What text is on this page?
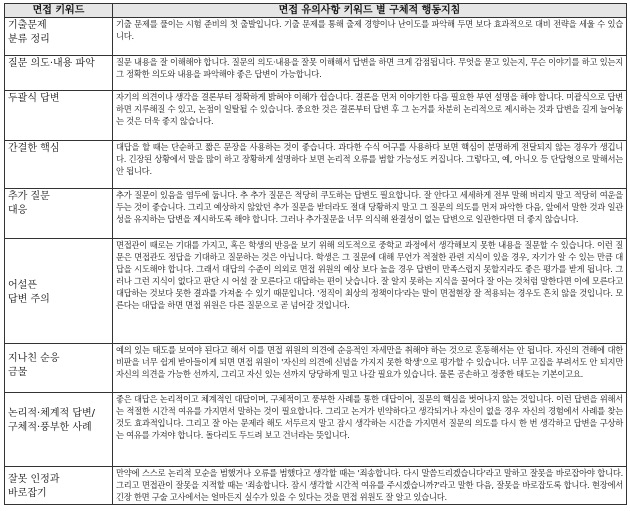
면접 키워드	면접 유의사항 키워드 별 구체적 행동지침
기출문제
분류 정리	기출 문제를 풀이는 시험 준비의 첫 출발입니다. 기출 문제를 통해 출제 경향이나 난이도를 파악해 두면 보다 효과적으로 대비 전략을 세울 수 있습니다.
질문 의도·내용 파악	질문 내용을 잘 이해해야 합니다. 질문의 의도·내용을 잘못 이해해서 답변을 하면 크게 감점됩니다. 무엇을 묻고 있는지, 무슨 이야기를 하고 있는지 그 정확한 의도와 내용을 파악해야 좋은 답변이 가능합니다.
두괄식 답변	자기의 의견이나 생각을 결론부터 정확하게 밝혀야 이해가 쉽습니다. 결론을 먼저 이야기한 다음 필요한 부연 설명을 해야 합니다. 미괄식으로 답변하면 지루해질 수 있고, 논점이 일탈될 수 있습니다. 중요한 것은 결론부터 답변 후 그 논거를 차분히 논리적으로 제시하는 것과 답변을 길게 늘어놓는 것은 더욱 좋지 않습니다.
간결한 핵심	대답을 할 때는 단순하고 짧은 문장을 사용하는 것이 좋습니다. 과다한 수식 어구를 사용하다 보면 핵심이 분명하게 전달되지 않는 경우가 생깁니다. 긴장된 상황에서 말을 많이 하고 장황하게 설명하다 보면 논리적 오류를 범할 가능성도 커집니다. 그렇다고, 예, 아니오 등 단답형으로 말해서는 안 됩니다.
추가 질문
대응	추가 질문이 있음을 염두에 둡니다. 추 추가 질문은 적당히 쿠도하는 답변도 필요합니다. 잘 안다고 세세하게 전부 말해 버리지 말고 적당히 여운을 두는 것이 좋습니다. 그리고 예상하지 않았던 추가 질문을 받더라도 절대 당황하지 말고 그 질문의 의도를 먼저 파악한 다음, 앞에서 말한 것과 일관성을 유지하는 답변을 제시하도록 해야 합니다. 그러나 추가질문을 너무 의식해 완결성이 없는 답변으로 일관한다면 더 좋지 않습니다.
어설픈
답변 주의	면접관이 때로는 기대를 가지고, 혹은 학생의 반응을 보기 위해 의도적으로 중학교 과정에서 생각해보지 못한 내용을 질문할 수 있습니다. 이런 질문은 면접관도 정답을 기대하고 질문하는 것은 아닙니다. 학생은 그 질문에 대해 무언가 적절한 관련 지식이 있을 경우, 자기가 알 수 있는 만큼 대답을 시도해야 합니다. 그래서 대답의 수준이 의외로 면접 위원의 예상 보다 높을 경우 답변이 만족스럽지 못할지라도 좋은 평가를 받게 됩니다. 그러나 그런 지식이 없다고 판단 시 어설 잘 모른다고 대답하는 편이 낫습니다. 잘 알지 못하는 지식을 꿀어다 잘 아는 것처럼 말한다면 이에 모른다고 대답하는 것보다 못한 결과를 가져올 수 있기 때문입니다. '정직이 최상의 정책이다'라는 말이 면접현장 잘 적용되는 경우도 흔치 않을 것입니다. 모른다는 대답을 하면 면접 위원은 다른 질문으로 곧 넘어갈 것입니다.
지나친 순응
금물	예의 있는 태도를 보여야 된다고 해서 이를 면접 위원의 의견에 순응적인 자세만을 취해야 하는 것으로 혼동해서는 안 됩니다. 자신의 견해에 대한 비판을 너무 쉽게 받아들이게 되면 면접 위원이 '자신의 의견에 신념을 가지지 못한 학생'으로 평가할 수 있습니다. 너무 고집을 부려서도 안 되지만 자신의 의견을 가능한 선까지, 그리고 자신 있는 선까지 당당하게 밀고 나갈 필요가 있습니다. 물론 공손하고 정중한 태도는 기본이고요.
논리적·체계적 답변/
구체적·풍부한 사례	좋은 대답은 논리적이고 체계적인 대답이며, 구체적이고 풍부한 사례를 통한 대답이어, 질문의 핵심을 벗어나지 않는 것입니다. 이런 답변을 위해서는 적절한 시간적 여유를 가지면서 말하는 것이 필요합니다. 그리고 논거가 빈약하다고 생각되거나 자신이 없을 경우 자신의 경험에서 사례를 찾는 것도 효과적입니다. 그리고 잘 아는 문제라 해도 서두르지 말고 잠시 생각하는 시간을 가지면서 질문의 의도를 다시 한 번 생각하고 답변을 구상하는 여유를 가져야 합니다. 돌다리도 두드려 보고 건너라는 뜻입니다.
잘못 인정과
바로잡기	만약에 스스로 논리적 모순을 범했거나 오류를 범했다고 생각할 때는 '죄송합니다. 다시 말씀드리겠습니다'라고 말하고 잘못을 바로잡아야 합니다. 그리고 면접관이 잘못을 지적할 때는 '죄송합니다. 잠시 생각할 시간적 여유를 주시겠습니까?'라고 말한 다음, 잘못을 바로잡도록 합니다. 현장에서 긴장 한면 구술 고사에서는 얼마든지 실수가 있을 수 있다는 것을 면접 위원도 잘 알고 있습니다.
